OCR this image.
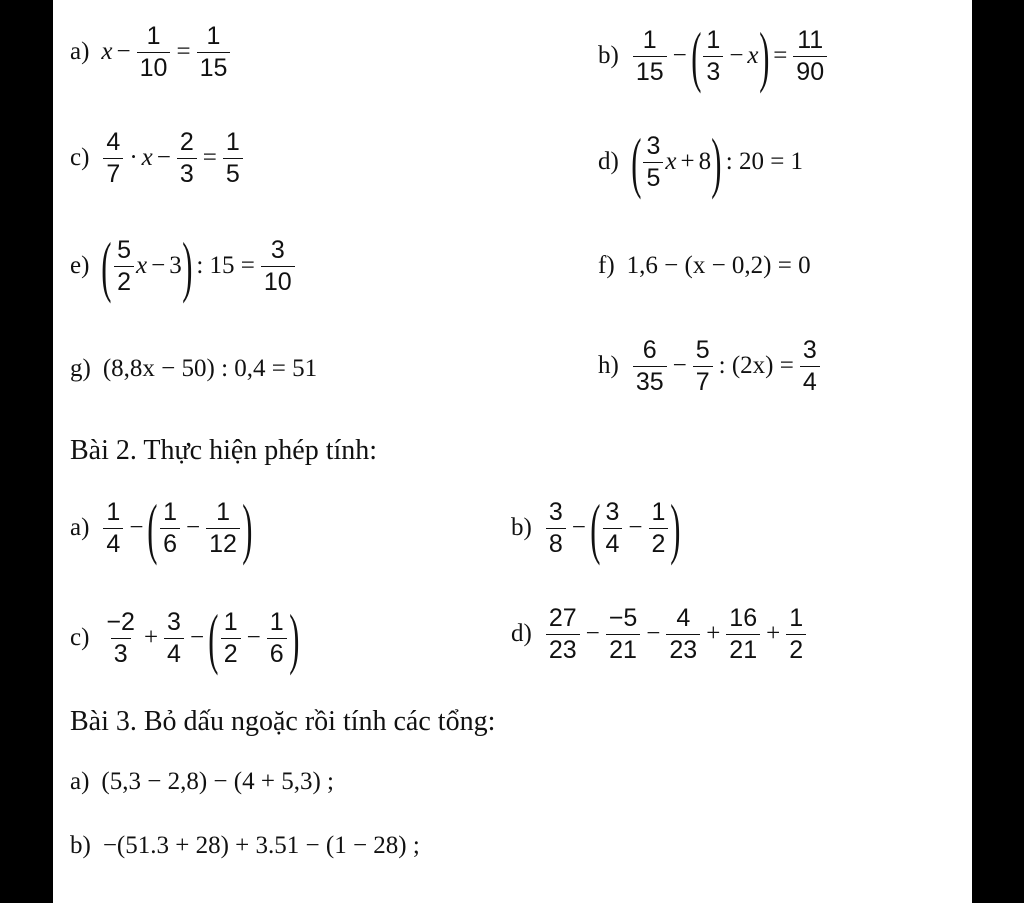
a) $x - \frac{1}{10} = \frac{1}{15}$	$b) \frac{1}{15}$ − ( $\frac{1}{3} - x$ ) = $\frac{11}{90}$
$c) \frac{4}{7} \cdot x - \frac{2}{3} = \frac{1}{5}$	d) ( $\frac{3}{5}$ x + 8 ) : 20 = 1
e) ( $\frac{5}{2}$ x − 3 ) : $15 = \frac{3}{10}$	f) 1,6 − (x − 0,2) = 0
g) (8,8x − 50) : 0,4 = 51	$h) \frac{6}{35} - \frac{5}{7}$ : $(2x) = \frac{3}{4}$
Bài 2. Thực hiện phép tính:
$a) \frac{1}{4}$ − ( $\frac{1}{6} - \frac{1}{12}$ )	$b) \frac{3}{8}$ − ( $\frac{3}{4} - \frac{1}{2}$ )
$c) \frac{-2}{3} + \frac{3}{4}$ − ( $\frac{1}{2} - \frac{1}{6}$ )	$d) \frac{27}{23} - \frac{-5}{21} - \frac{4}{23} + \frac{16}{21} + \frac{1}{2}$
Bài 3. Bỏ dấu ngoặc rồi tính các tổng:
a) (5,3 − 2,8) − (4 + 5,3) ;
b) −(51.3 + 28) + 3.51 − (1 − 28) ;
